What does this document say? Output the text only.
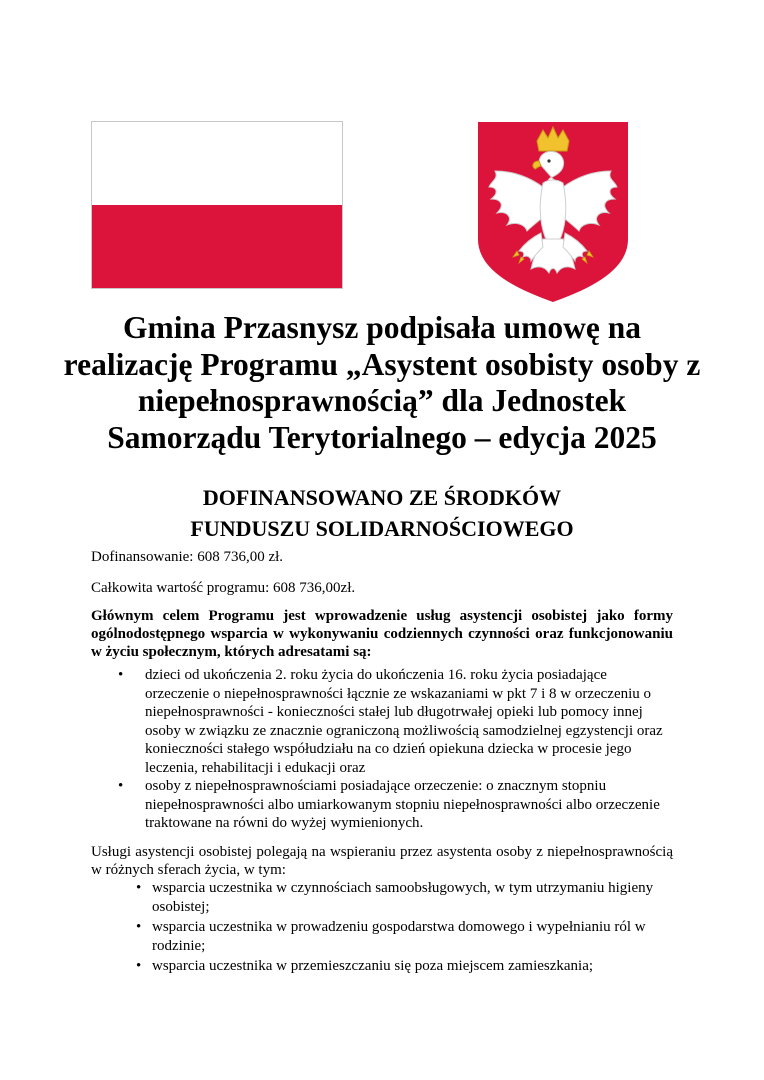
Gmina Przasnysz podpisała umowę na realizację Programu „Asystent osobisty osoby z niepełnosprawnością” dla Jednostek Samorządu Terytorialnego – edycja 2025
DOFINANSOWANO ZE ŚRODKÓW
FUNDUSZU SOLIDARNOŚCIOWEGO
Dofinansowanie: 608 736,00 zł.
Całkowita wartość programu: 608 736,00zł.
Głównym celem Programu jest wprowadzenie usług asystencji osobistej jako formy ogólnodostępnego wsparcia w wykonywaniu codziennych czynności oraz funkcjonowaniu w życiu społecznym, których adresatami są:
• dzieci od ukończenia 2. roku życia do ukończenia 16. roku życia posiadające orzeczenie o niepełnosprawności łącznie ze wskazaniami w pkt 7 i 8 w orzeczeniu o niepełnosprawności - konieczności stałej lub długotrwałej opieki lub pomocy innej osoby w związku ze znacznie ograniczoną możliwością samodzielnej egzystencji oraz konieczności stałego współudziału na co dzień opiekuna dziecka w procesie jego leczenia, rehabilitacji i edukacji oraz
• osoby z niepełnosprawnościami posiadające orzeczenie: o znacznym stopniu niepełnosprawności albo umiarkowanym stopniu niepełnosprawności albo orzeczenie traktowane na równi do wyżej wymienionych.
Usługi asystencji osobistej polegają na wspieraniu przez asystenta osoby z niepełnosprawnością w różnych sferach życia, w tym:
• wsparcia uczestnika w czynnościach samoobsługowych, w tym utrzymaniu higieny osobistej;
• wsparcia uczestnika w prowadzeniu gospodarstwa domowego i wypełnianiu ról w rodzinie;
• wsparcia uczestnika w przemieszczaniu się poza miejscem zamieszkania;
